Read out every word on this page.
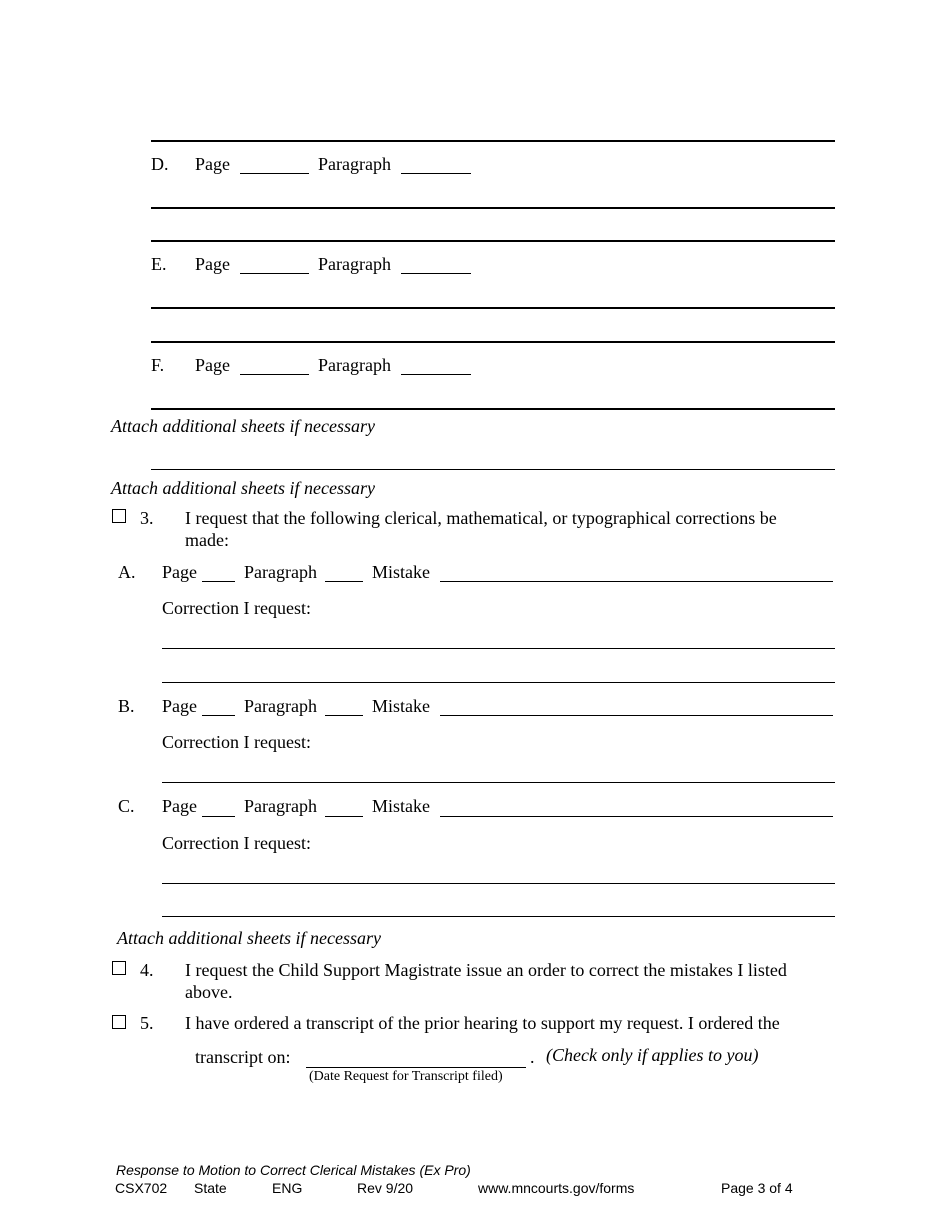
D. Page	Paragraph
E. Page	Paragraph
F. Page	Paragraph
Attach additional sheets if necessary
Attach additional sheets if necessary
3. I request that the following clerical, mathematical, or typographical corrections be
made:
A. Page	Paragraph	Mistake
Correction I request:
B. Page	Paragraph	Mistake
Correction I request:
C. Page	Paragraph	Mistake
Correction I request:
Attach additional sheets if necessary
4. I request the Child Support Magistrate issue an order to correct the mistakes I listed
above.
5. I have ordered a transcript of the prior hearing to support my request. I ordered the
transcript on:	. (Check only if applies to you)
(Date Request for Transcript filed)
Response to Motion to Correct Clerical Mistakes (Ex Pro)
CSX702 State	ENG	Rev 9/20	www.mncourts.gov/forms	Page 3 of 4
